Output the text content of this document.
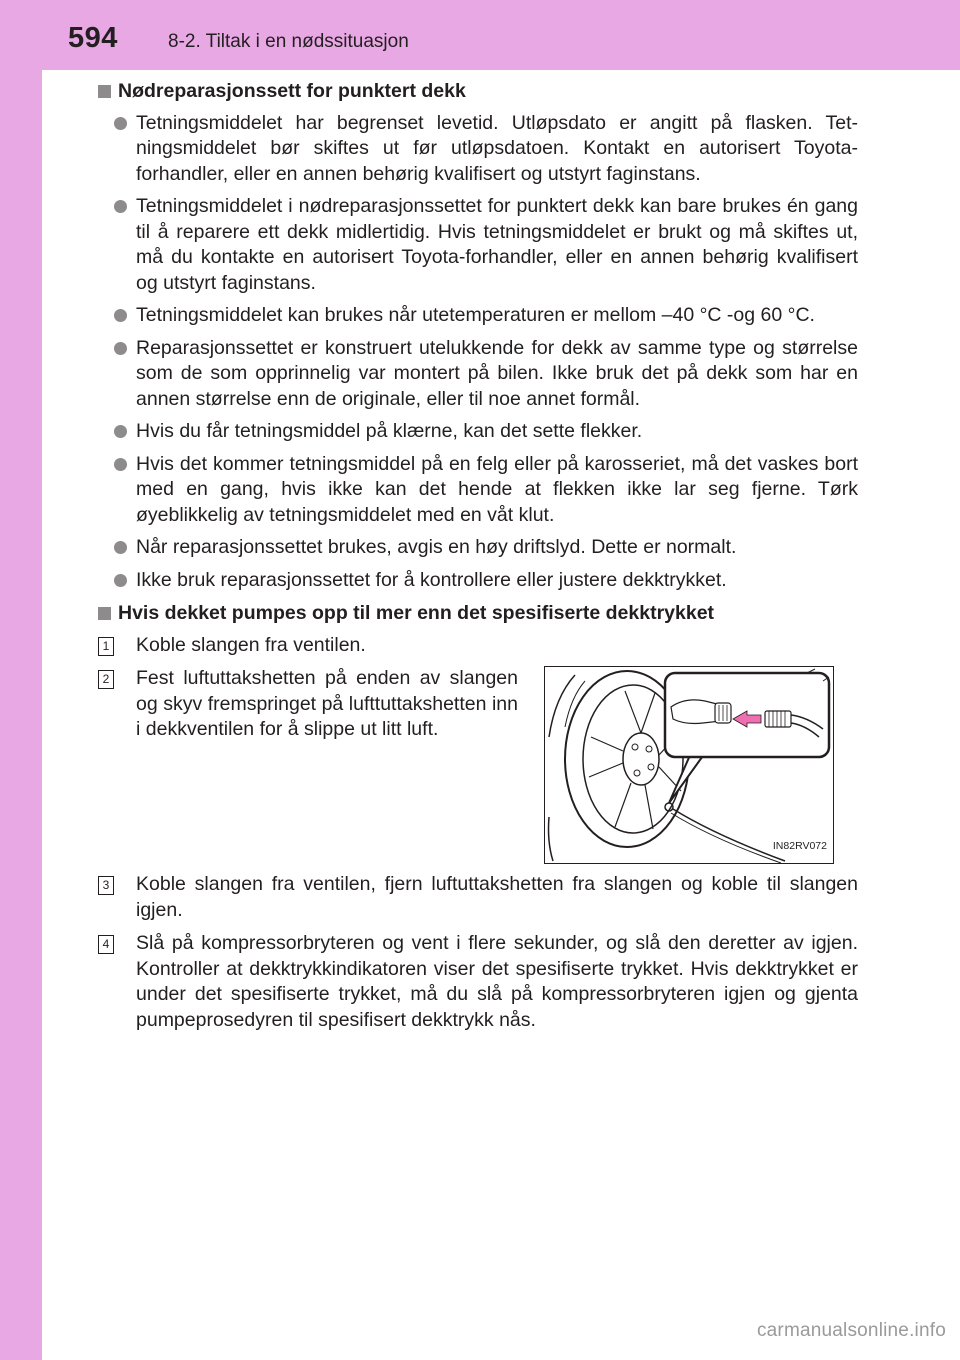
594	8-2. Tiltak i en nødssituasjon
Nødreparasjonssett for punktert dekk
Tetningsmiddelet har begrenset levetid. Utløpsdato er angitt på flasken. Tetningsmiddelet bør skiftes ut før utløpsdatoen. Kontakt en autorisert Toyota-forhandler, eller en annen behørig kvalifisert og utstyrt faginstans.
Tetningsmiddelet i nødreparasjonssettet for punktert dekk kan bare brukes én gang til å reparere ett dekk midlertidig. Hvis tetningsmiddelet er brukt og må skiftes ut, må du kontakte en autorisert Toyota-forhandler, eller en annen behørig kvalifisert og utstyrt faginstans.
Tetningsmiddelet kan brukes når utetemperaturen er mellom –40 °C -og 60 °C.
Reparasjonssettet er konstruert utelukkende for dekk av samme type og størrelse som de som opprinnelig var montert på bilen. Ikke bruk det på dekk som har en annen størrelse enn de originale, eller til noe annet formål.
Hvis du får tetningsmiddel på klærne, kan det sette flekker.
Hvis det kommer tetningsmiddel på en felg eller på karosseriet, må det vaskes bort med en gang, hvis ikke kan det hende at flekken ikke lar seg fjerne. Tørk øyeblikkelig av tetningsmiddelet med en våt klut.
Når reparasjonssettet brukes, avgis en høy driftslyd. Dette er normalt.
Ikke bruk reparasjonssettet for å kontrollere eller justere dekktrykket.
Hvis dekket pumpes opp til mer enn det spesifiserte dekktrykket
1 Koble slangen fra ventilen.
2 Fest luftuttakshetten på enden av slangen og skyv fremspringet på lufttuttakshetten inn i dekkventilen for å slippe ut litt luft.
IN82RV072
3 Koble slangen fra ventilen, fjern luftuttakshetten fra slangen og koble til slangen igjen.
4 Slå på kompressorbryteren og vent i flere sekunder, og slå den deretter av igjen. Kontroller at dekktrykkindikatoren viser det spesifiserte trykket. Hvis dekktrykket er under det spesifiserte trykket, må du slå på kompressorbryteren igjen og gjenta pumpeprosedyren til spesifisert dekktrykk nås.
carmanualsonline.info
